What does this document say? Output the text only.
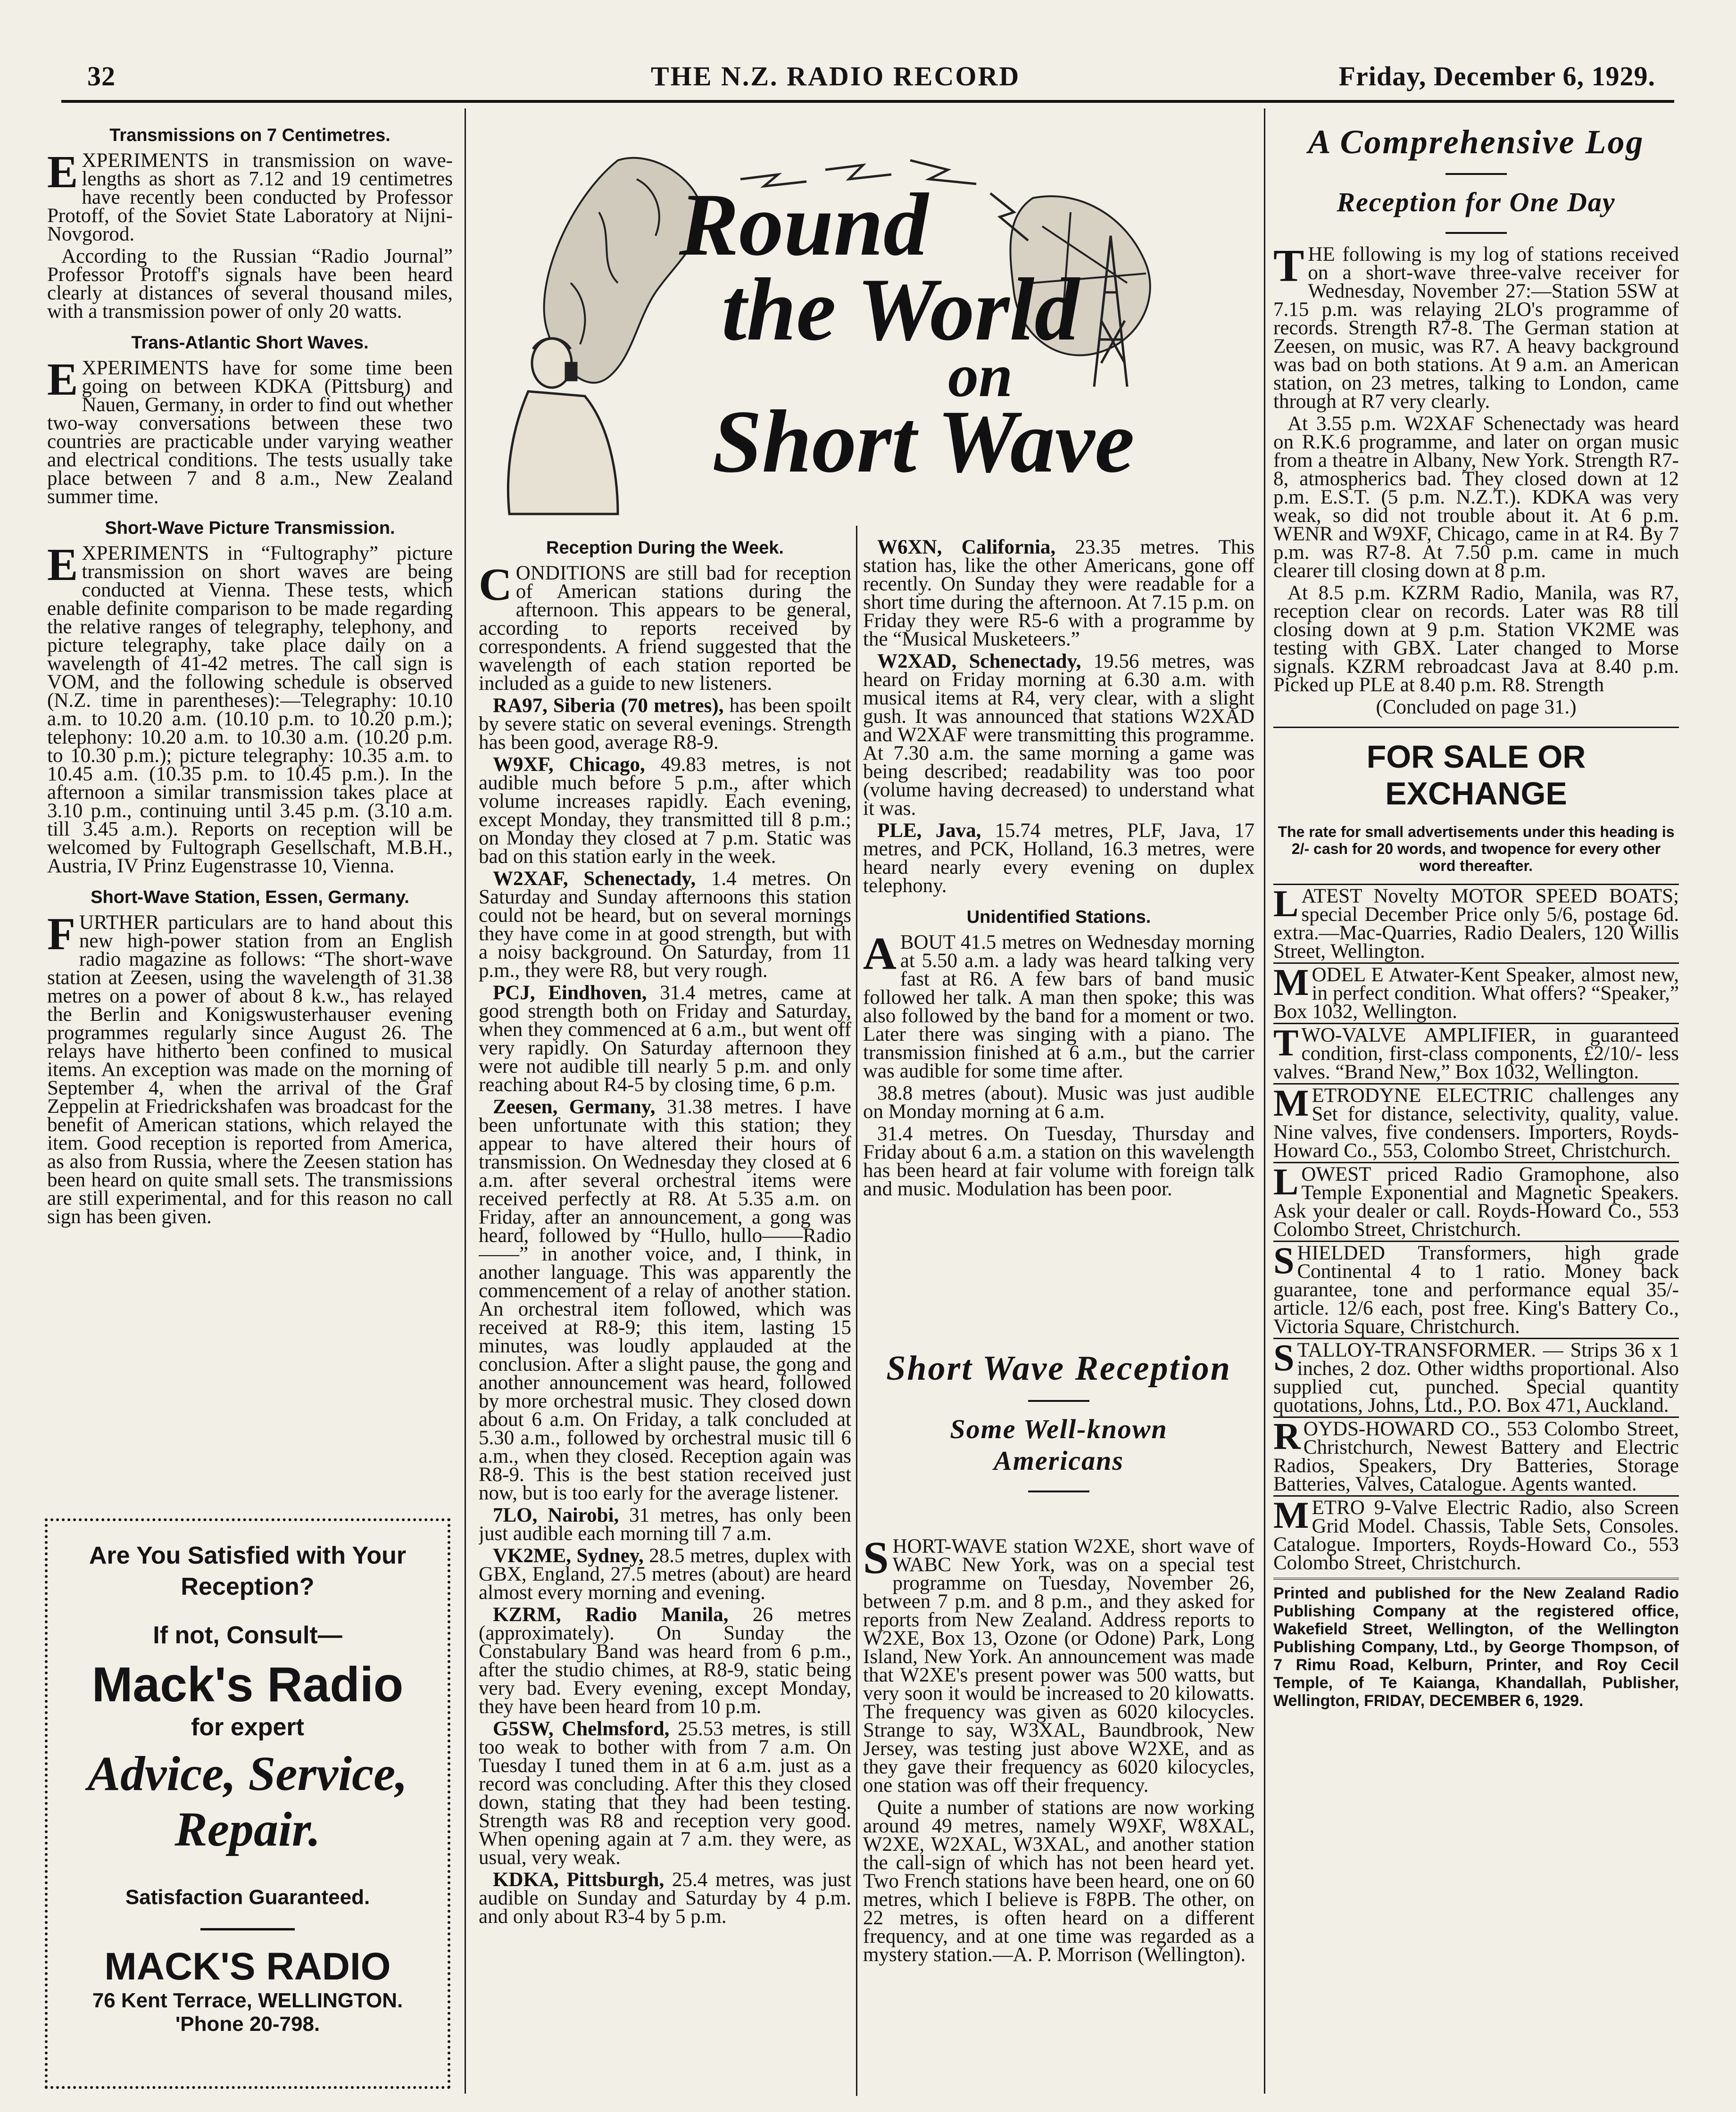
32	THE N.Z. RADIO RECORD	Friday, December 6, 1929.
Transmissions on 7 Centimetres.

EXPERIMENTS in transmission on wave-lengths as short as 7.12 and 19 centimetres have recently been conducted by Professor Protoff, of the Soviet State Laboratory at Nijni-Novgorod.

According to the Russian “Radio Journal” Professor Protoff's signals have been heard clearly at distances of several thousand miles, with a transmission power of only 20 watts.

Trans-Atlantic Short Waves.

EXPERIMENTS have for some time been going on between KDKA (Pittsburg) and Nauen, Germany, in order to find out whether two-way conversations between these two countries are practicable under varying weather and electrical conditions. The tests usually take place between 7 and 8 a.m., New Zealand summer time.

Short-Wave Picture Transmission.

EXPERIMENTS in “Fultography” picture transmission on short waves are being conducted at Vienna. These tests, which enable definite comparison to be made regarding the relative ranges of telegraphy, telephony, and picture telegraphy, take place daily on a wavelength of 41-42 metres. The call sign is VOM, and the following schedule is observed (N.Z. time in parentheses):—Telegraphy: 10.10 a.m. to 10.20 a.m. (10.10 p.m. to 10.20 p.m.); telephony: 10.20 a.m. to 10.30 a.m. (10.20 p.m. to 10.30 p.m.); picture telegraphy: 10.35 a.m. to 10.45 a.m. (10.35 p.m. to 10.45 p.m.). In the afternoon a similar transmission takes place at 3.10 p.m., continuing until 3.45 p.m. (3.10 a.m. till 3.45 a.m.). Reports on reception will be welcomed by Fultograph Gesellschaft, M.B.H., Austria, IV Prinz Eugenstrasse 10, Vienna.

Short-Wave Station, Essen, Germany.

FURTHER particulars are to hand about this new high-power station from an English radio magazine as follows: “The short-wave station at Zeesen, using the wavelength of 31.38 metres on a power of about 8 k.w., has relayed the Berlin and Konigswusterhauser evening programmes regularly since August 26. The relays have hitherto been confined to musical items. An exception was made on the morning of September 4, when the arrival of the Graf Zeppelin at Friedrickshafen was broadcast for the benefit of American stations, which relayed the item. Good reception is reported from America, as also from Russia, where the Zeesen station has been heard on quite small sets. The transmissions are still experimental, and for this reason no call sign has been given.

Are You Satisfied with Your Reception?
If not, Consult—
Mack's Radio
for expert
Advice, Service, Repair.
Satisfaction Guaranteed.
MACK'S RADIO
76 Kent Terrace, WELLINGTON.
'Phone 20-798.
Round
the World
on
Short Wave
Reception During the Week.

CONDITIONS are still bad for reception of American stations during the afternoon. This appears to be general, according to reports received by correspondents. A friend suggested that the wavelength of each station reported be included as a guide to new listeners.

RA97, Siberia (70 metres), has been spoilt by severe static on several evenings. Strength has been good, average R8-9.

W9XF, Chicago, 49.83 metres, is not audible much before 5 p.m., after which volume increases rapidly. Each evening, except Monday, they transmitted till 8 p.m.; on Monday they closed at 7 p.m. Static was bad on this station early in the week.

W2XAF, Schenectady, 1.4 metres. On Saturday and Sunday afternoons this station could not be heard, but on several mornings they have come in at good strength, but with a noisy background. On Saturday, from 11 p.m., they were R8, but very rough.

PCJ, Eindhoven, 31.4 metres, came at good strength both on Friday and Saturday, when they commenced at 6 a.m., but went off very rapidly. On Saturday afternoon they were not audible till nearly 5 p.m. and only reaching about R4-5 by closing time, 6 p.m.

Zeesen, Germany, 31.38 metres. I have been unfortunate with this station; they appear to have altered their hours of transmission. On Wednesday they closed at 6 a.m. after several orchestral items were received perfectly at R8. At 5.35 a.m. on Friday, after an announcement, a gong was heard, followed by “Hullo, hullo——Radio——” in another voice, and, I think, in another language. This was apparently the commencement of a relay of another station. An orchestral item followed, which was received at R8-9; this item, lasting 15 minutes, was loudly applauded at the conclusion. After a slight pause, the gong and another announcement was heard, followed by more orchestral music. They closed down about 6 a.m. On Friday, a talk concluded at 5.30 a.m., followed by orchestral music till 6 a.m., when they closed. Reception again was R8-9. This is the best station received just now, but is too early for the average listener.

7LO, Nairobi, 31 metres, has only been just audible each morning till 7 a.m.

VK2ME, Sydney, 28.5 metres, duplex with GBX, England, 27.5 metres (about) are heard almost every morning and evening.

KZRM, Radio Manila, 26 metres (approximately). On Sunday the Constabulary Band was heard from 6 p.m., after the studio chimes, at R8-9, static being very bad. Every evening, except Monday, they have been heard from 10 p.m.

G5SW, Chelmsford, 25.53 metres, is still too weak to bother with from 7 a.m. On Tuesday I tuned them in at 6 a.m. just as a record was concluding. After this they closed down, stating that they had been testing. Strength was R8 and reception very good. When opening again at 7 a.m. they were, as usual, very weak.

KDKA, Pittsburgh, 25.4 metres, was just audible on Sunday and Saturday by 4 p.m. and only about R3-4 by 5 p.m.

W6XN, California, 23.35 metres. This station has, like the other Americans, gone off recently. On Sunday they were readable for a short time during the afternoon. At 7.15 p.m. on Friday they were R5-6 with a programme by the “Musical Musketeers.”

W2XAD, Schenectady, 19.56 metres, was heard on Friday morning at 6.30 a.m. with musical items at R4, very clear, with a slight gush. It was announced that stations W2XAD and W2XAF were transmitting this programme. At 7.30 a.m. the same morning a game was being described; readability was too poor (volume having decreased) to understand what it was.

PLE, Java, 15.74 metres, PLF, Java, 17 metres, and PCK, Holland, 16.3 metres, were heard nearly every evening on duplex telephony.

Unidentified Stations.

ABOUT 41.5 metres on Wednesday morning at 5.50 a.m. a lady was heard talking very fast at R6. A few bars of band music followed her talk. A man then spoke; this was also followed by the band for a moment or two. Later there was singing with a piano. The transmission finished at 6 a.m., but the carrier was audible for some time after.

38.8 metres (about). Music was just audible on Monday morning at 6 a.m.

31.4 metres. On Tuesday, Thursday and Friday about 6 a.m. a station on this wavelength has been heard at fair volume with foreign talk and music. Modulation has been poor.

Short Wave Reception
Some Well-known
Americans

SHORT-WAVE station W2XE, short wave of WABC New York, was on a special test programme on Tuesday, November 26, between 7 p.m. and 8 p.m., and they asked for reports from New Zealand. Address reports to W2XE, Box 13, Ozone (or Odone) Park, Long Island, New York. An announcement was made that W2XE's present power was 500 watts, but very soon it would be increased to 20 kilowatts. The frequency was given as 6020 kilocycles. Strange to say, W3XAL, Baundbrook, New Jersey, was testing just above W2XE, and as they gave their frequency as 6020 kilocycles, one station was off their frequency.

Quite a number of stations are now working around 49 metres, namely W9XF, W8XAL, W2XE, W2XAL, W3XAL, and another station the call-sign of which has not been heard yet. Two French stations have been heard, one on 60 metres, which I believe is F8PB. The other, on 22 metres, is often heard on a different frequency, and at one time was regarded as a mystery station.—A. P. Morrison (Wellington).

A Comprehensive Log
Reception for One Day

THE following is my log of stations received on a short-wave three-valve receiver for Wednesday, November 27:—Station 5SW at 7.15 p.m. was relaying 2LO's programme of records. Strength R7-8. The German station at Zeesen, on music, was R7. A heavy background was bad on both stations. At 9 a.m. an American station, on 23 metres, talking to London, came through at R7 very clearly.

At 3.55 p.m. W2XAF Schenectady was heard on R.K.6 programme, and later on organ music from a theatre in Albany, New York. Strength R7-8, atmospherics bad. They closed down at 12 p.m. E.S.T. (5 p.m. N.Z.T.). KDKA was very weak, so did not trouble about it. At 6 p.m. WENR and W9XF, Chicago, came in at R4. By 7 p.m. was R7-8. At 7.50 p.m. came in much clearer till closing down at 8 p.m.

At 8.5 p.m. KZRM Radio, Manila, was R7, reception clear on records. Later was R8 till closing down at 9 p.m. Station VK2ME was testing with GBX. Later changed to Morse signals. KZRM rebroadcast Java at 8.40 p.m. Picked up PLE at 8.40 p.m. R8. Strength

(Concluded on page 31.)

FOR SALE OR EXCHANGE
The rate for small advertisements under this heading is 2/- cash for 20 words, and twopence for every other word thereafter.

LATEST Novelty MOTOR SPEED BOATS; special December Price only 5/6, postage 6d. extra.—Mac-Quarries, Radio Dealers, 120 Willis Street, Wellington.

MODEL E Atwater-Kent Speaker, almost new, in perfect condition. What offers? “Speaker,” Box 1032, Wellington.

TWO-VALVE AMPLIFIER, in guaranteed condition, first-class components, £2/10/- less valves. “Brand New,” Box 1032, Wellington.

METRODYNE ELECTRIC challenges any Set for distance, selectivity, quality, value. Nine valves, five condensers. Importers, Royds-Howard Co., 553, Colombo Street, Christchurch.

LOWEST priced Radio Gramophone, also Temple Exponential and Magnetic Speakers. Ask your dealer or call. Royds-Howard Co., 553 Colombo Street, Christchurch.

SHIELDED Transformers, high grade Continental 4 to 1 ratio. Money back guarantee, tone and performance equal 35/- article. 12/6 each, post free. King's Battery Co., Victoria Square, Christchurch.

STALLOY-TRANSFORMER. — Strips 36 x 1 inches, 2 doz. Other widths proportional. Also supplied cut, punched. Special quantity quotations, Johns, Ltd., P.O. Box 471, Auckland.

ROYDS-HOWARD CO., 553 Colombo Street, Christchurch, Newest Battery and Electric Radios, Speakers, Dry Batteries, Storage Batteries, Valves, Catalogue. Agents wanted.

METRO 9-Valve Electric Radio, also Screen Grid Model. Chassis, Table Sets, Consoles. Catalogue. Importers, Royds-Howard Co., 553 Colombo Street, Christchurch.

Printed and published for the New Zealand Radio Publishing Company at the registered office, Wakefield Street, Wellington, of the Wellington Publishing Company, Ltd., by George Thompson, of 7 Rimu Road, Kelburn, Printer, and Roy Cecil Temple, of Te Kaianga, Khandallah, Publisher, Wellington, FRIDAY, DECEMBER 6, 1929.
